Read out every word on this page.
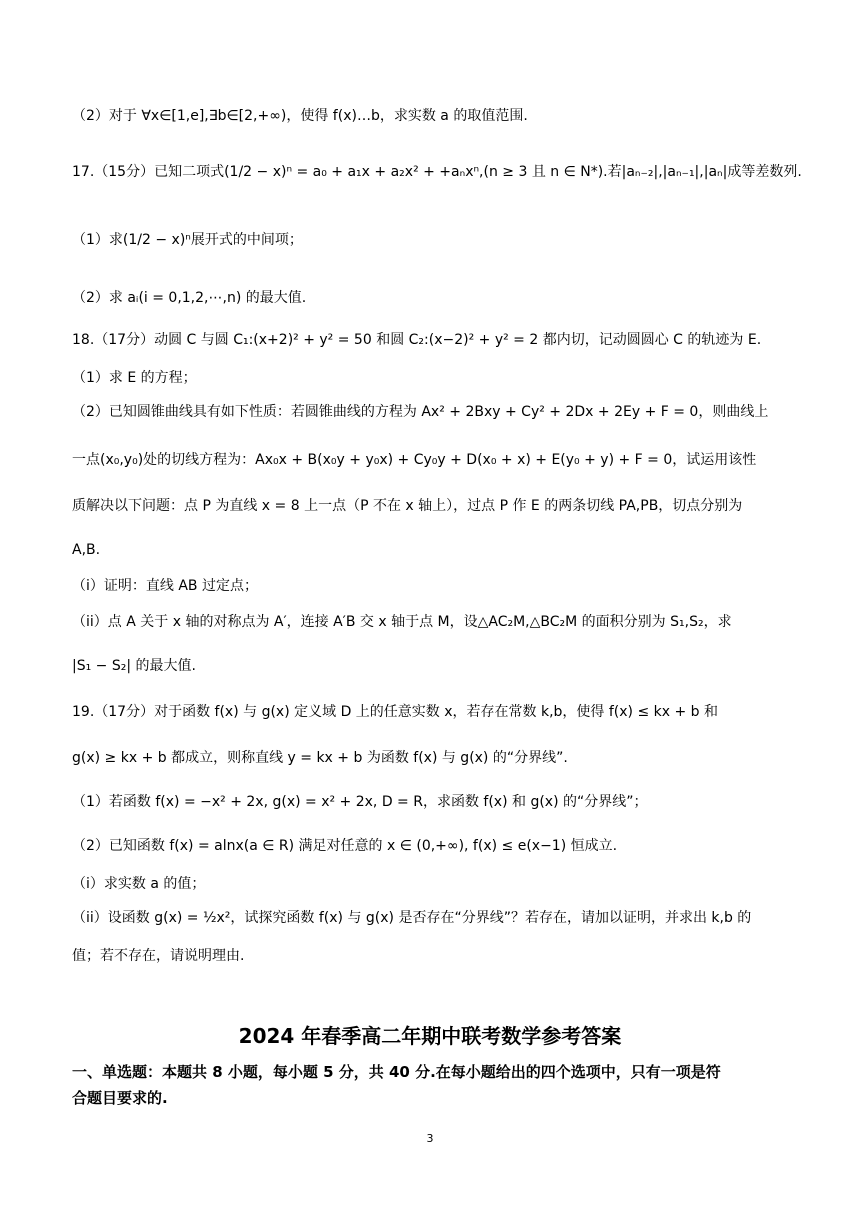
（2）对于 ∀x∈[1,e],∃b∈[2,+∞)，使得 f(x)…b，求实数 a 的取值范围.
17.（15分）已知二项式(1/2 − x)ⁿ = a₀ + a₁x + a₂x² + +aₙxⁿ,(n ≥ 3 且 n ∈ N*).若|aₙ₋₂|,|aₙ₋₁|,|aₙ|成等差数列.
（1）求(1/2 − x)ⁿ展开式的中间项；
（2）求 aᵢ(i = 0,1,2,⋯,n) 的最大值.
18.（17分）动圆 C 与圆 C₁:(x+2)² + y² = 50 和圆 C₂:(x−2)² + y² = 2 都内切，记动圆圆心 C 的轨迹为 E.
（1）求 E 的方程；
（2）已知圆锥曲线具有如下性质：若圆锥曲线的方程为 Ax² + 2Bxy + Cy² + 2Dx + 2Ey + F = 0，则曲线上
一点(x₀,y₀)处的切线方程为：Ax₀x + B(x₀y + y₀x) + Cy₀y + D(x₀ + x) + E(y₀ + y) + F = 0，试运用该性
质解决以下问题：点 P 为直线 x = 8 上一点（P 不在 x 轴上），过点 P 作 E 的两条切线 PA,PB，切点分别为
A,B.
（i）证明：直线 AB 过定点；
（ii）点 A 关于 x 轴的对称点为 A′，连接 A′B 交 x 轴于点 M，设△AC₂M,△BC₂M 的面积分别为 S₁,S₂，求
|S₁ − S₂| 的最大值.
19.（17分）对于函数 f(x) 与 g(x) 定义域 D 上的任意实数 x，若存在常数 k,b，使得 f(x) ≤ kx + b 和
g(x) ≥ kx + b 都成立，则称直线 y = kx + b 为函数 f(x) 与 g(x) 的“分界线”.
（1）若函数 f(x) = −x² + 2x, g(x) = x² + 2x, D = R，求函数 f(x) 和 g(x) 的“分界线”；
（2）已知函数 f(x) = alnx(a ∈ R) 满足对任意的 x ∈ (0,+∞), f(x) ≤ e(x−1) 恒成立.
（i）求实数 a 的值；
（ii）设函数 g(x) = ½x²，试探究函数 f(x) 与 g(x) 是否存在“分界线”？若存在，请加以证明，并求出 k,b 的
值；若不存在，请说明理由.
2024 年春季高二年期中联考数学参考答案
一、单选题：本题共 8 小题，每小题 5 分，共 40 分.在每小题给出的四个选项中，只有一项是符
合题目要求的.
3
